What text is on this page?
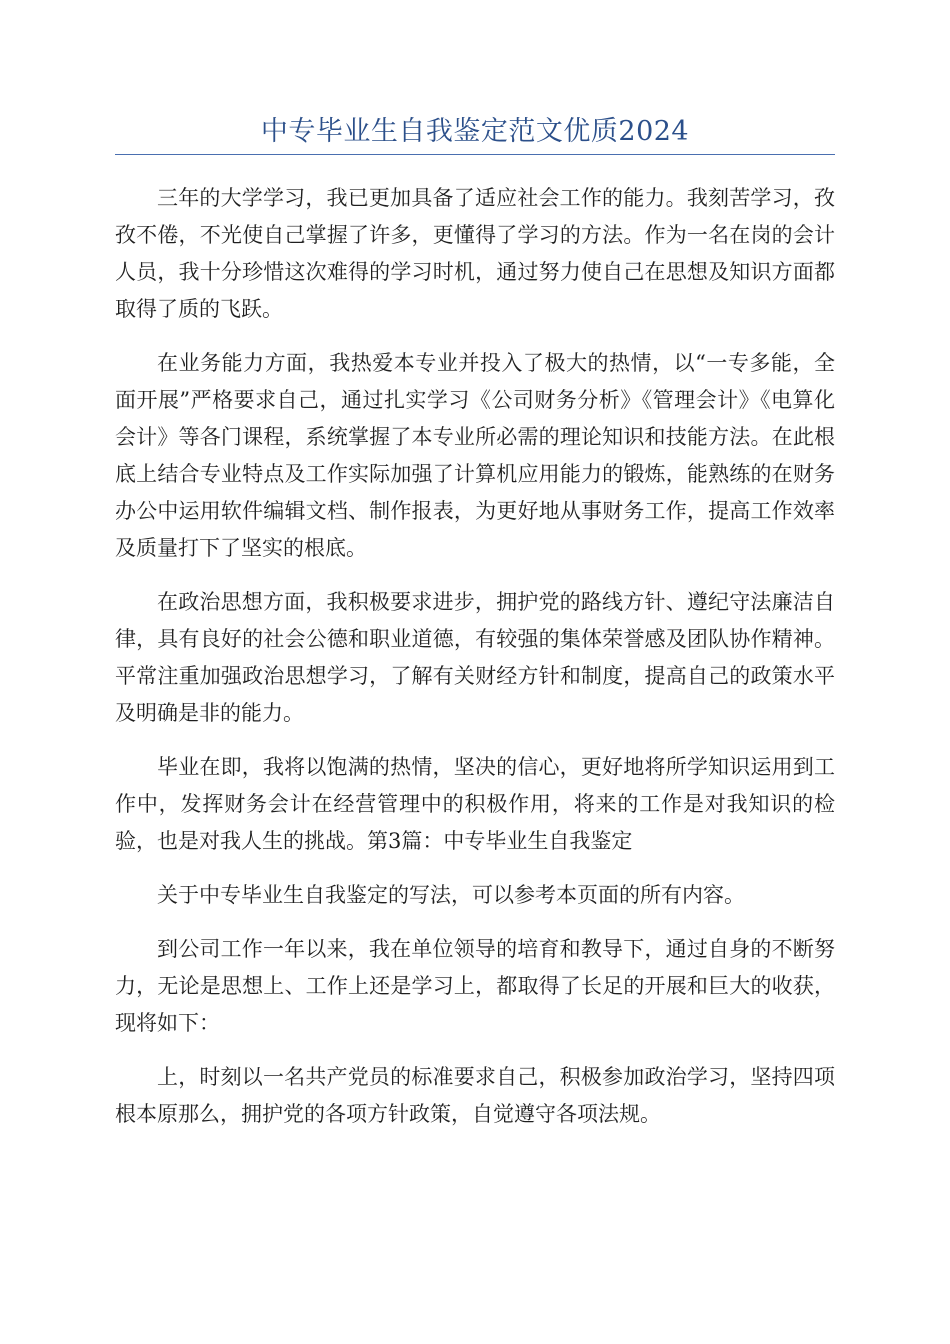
中专毕业生自我鉴定范文优质2024

三年的大学学习，我已更加具备了适应社会工作的能力。我刻苦学习，孜孜不倦，不光使自己掌握了许多，更懂得了学习的方法。作为一名在岗的会计人员，我十分珍惜这次难得的学习时机，通过努力使自己在思想及知识方面都取得了质的飞跃。

在业务能力方面，我热爱本专业并投入了极大的热情，以“一专多能，全面开展”严格要求自己，通过扎实学习《公司财务分析》《管理会计》《电算化会计》等各门课程，系统掌握了本专业所必需的理论知识和技能方法。在此根底上结合专业特点及工作实际加强了计算机应用能力的锻炼，能熟练的在财务办公中运用软件编辑文档、制作报表，为更好地从事财务工作，提高工作效率及质量打下了坚实的根底。

在政治思想方面，我积极要求进步，拥护党的路线方针、遵纪守法廉洁自律，具有良好的社会公德和职业道德，有较强的集体荣誉感及团队协作精神。平常注重加强政治思想学习，了解有关财经方针和制度，提高自己的政策水平及明确是非的能力。

毕业在即，我将以饱满的热情，坚决的信心，更好地将所学知识运用到工作中，发挥财务会计在经营管理中的积极作用，将来的工作是对我知识的检验，也是对我人生的挑战。第3篇：中专毕业生自我鉴定

关于中专毕业生自我鉴定的写法，可以参考本页面的所有内容。

到公司工作一年以来，我在单位领导的培育和教导下，通过自身的不断努力，无论是思想上、工作上还是学习上，都取得了长足的开展和巨大的收获，现将如下：

上，时刻以一名共产党员的标准要求自己，积极参加政治学习，坚持四项根本原那么，拥护党的各项方针政策，自觉遵守各项法规。
